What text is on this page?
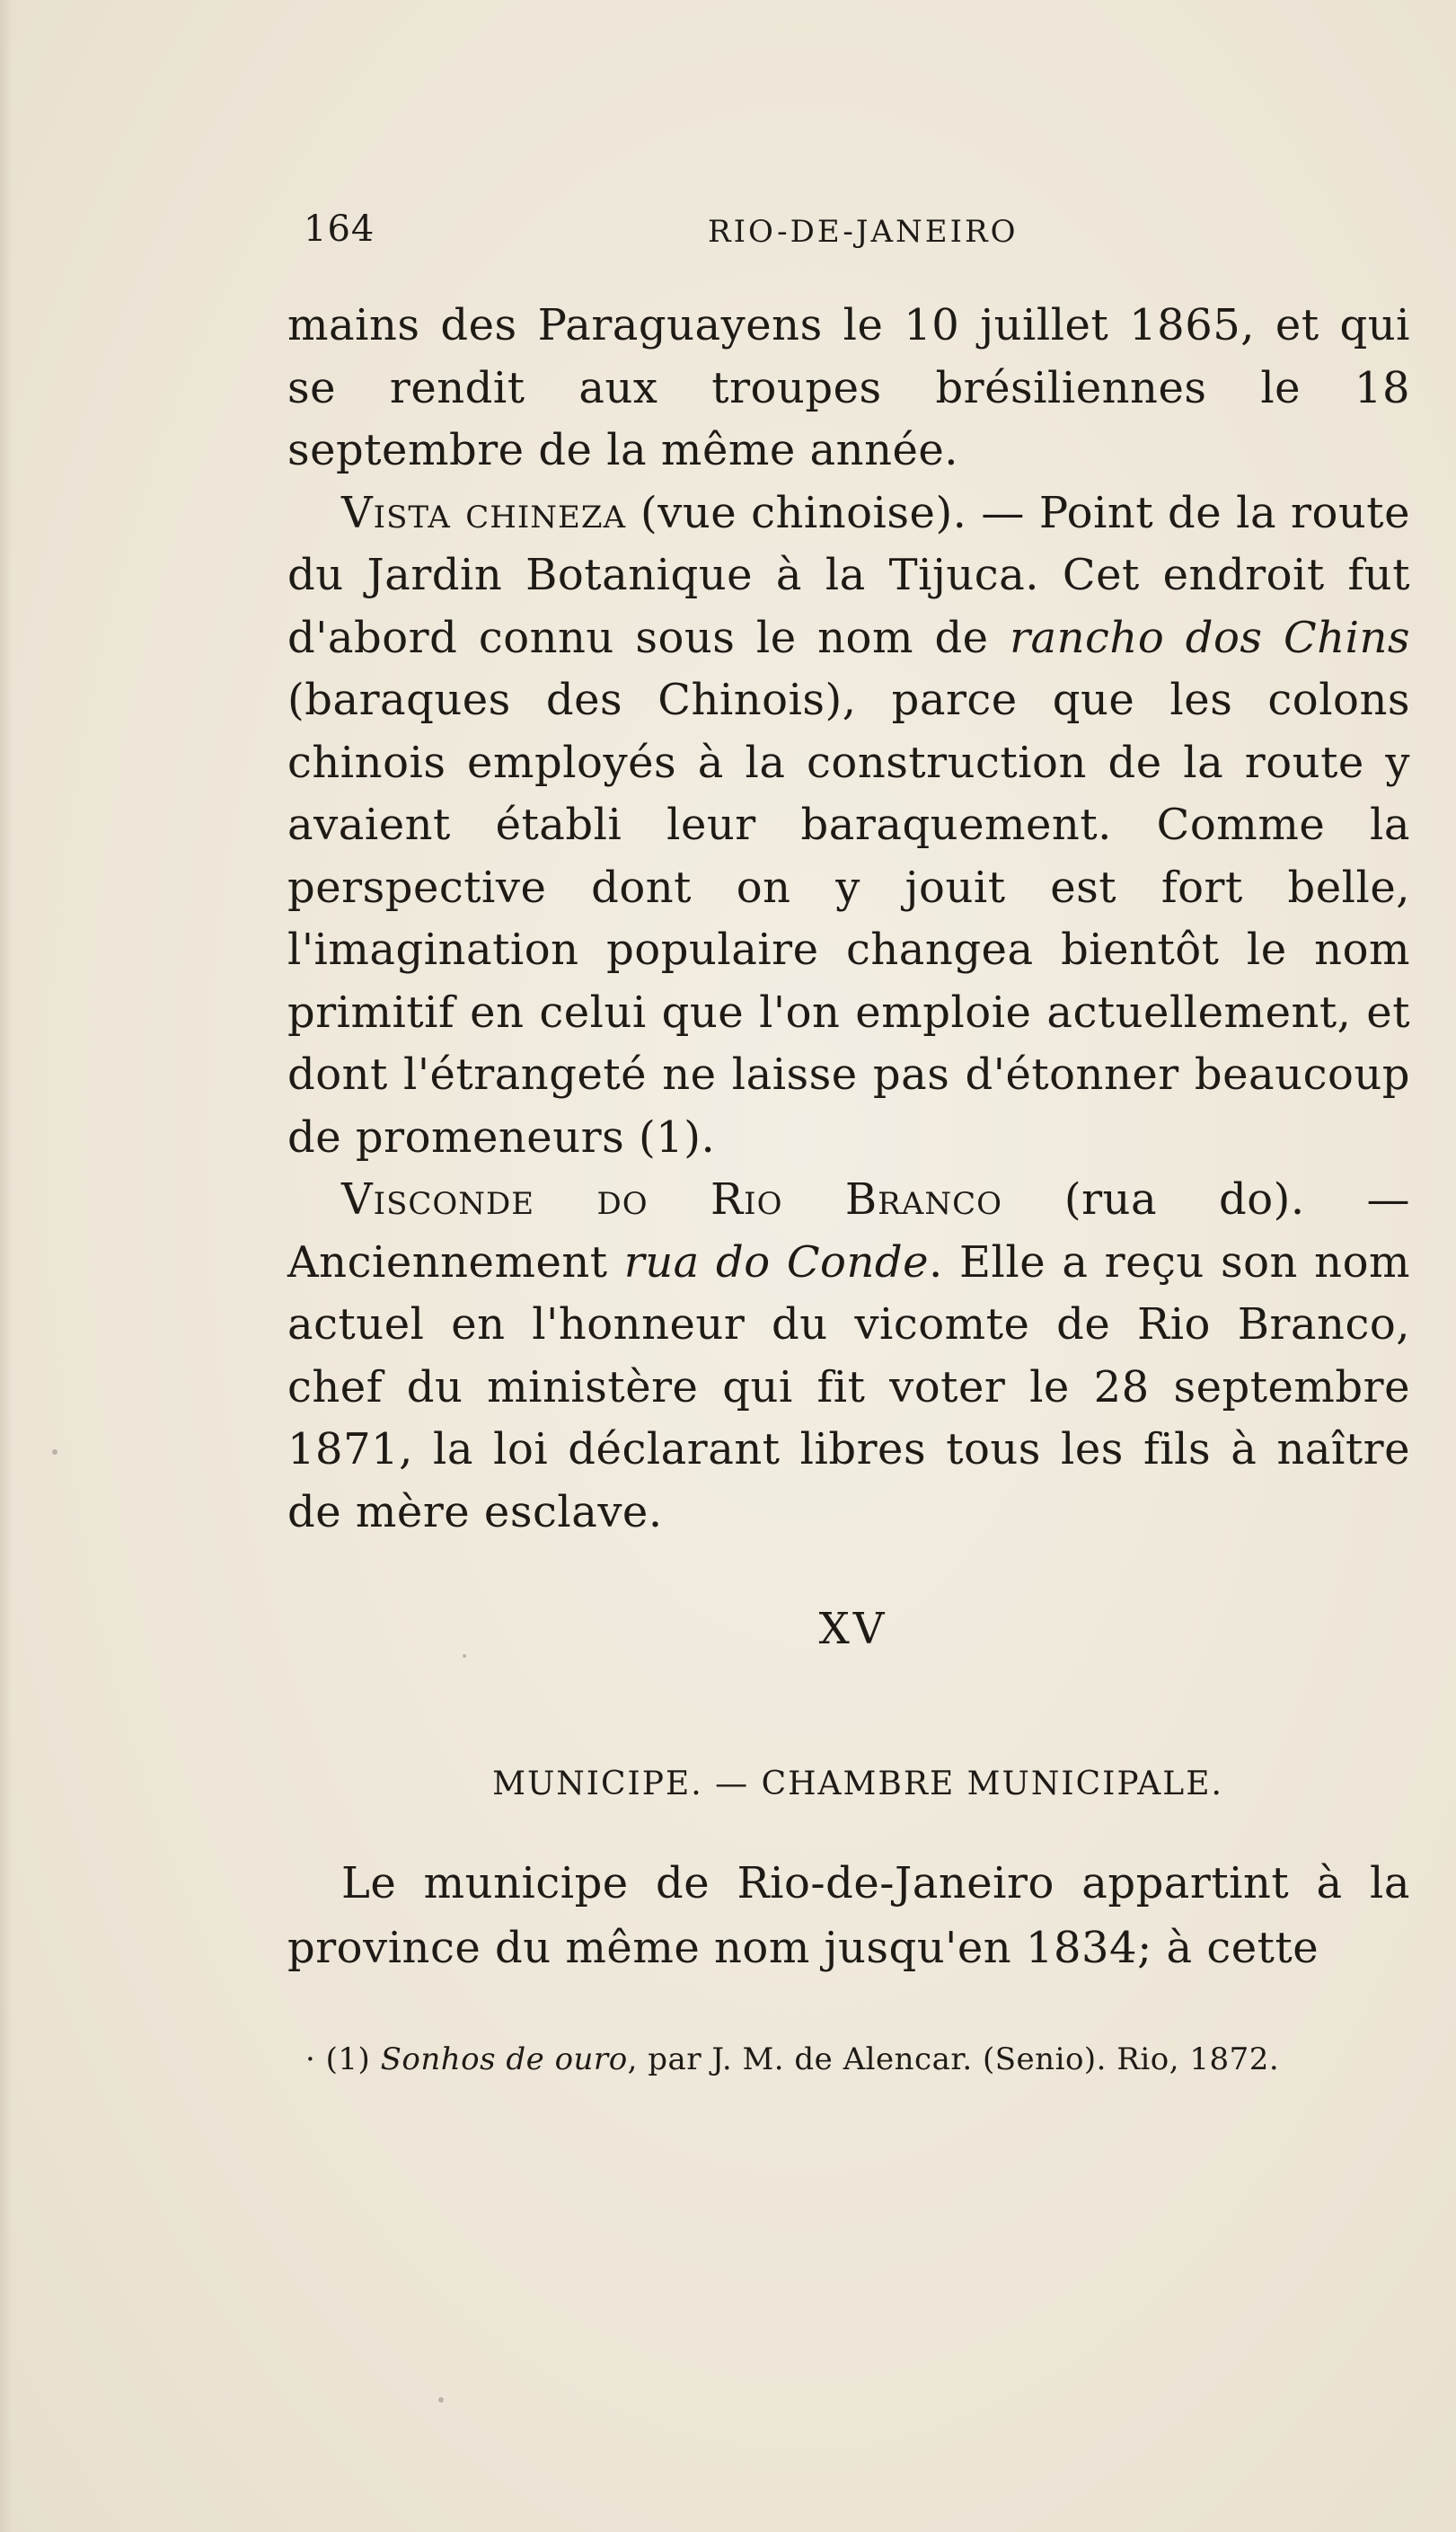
164	RIO-DE-JANEIRO

mains des Paraguayens le 10 juillet 1865, et qui se rendit aux troupes brésiliennes le 18 septembre de la même année.

Vista chineza (vue chinoise). — Point de la route du Jardin Botanique à la Tijuca. Cet endroit fut d'abord connu sous le nom de rancho dos Chins (baraques des Chinois), parce que les colons chinois employés à la construction de la route y avaient établi leur baraquement. Comme la perspective dont on y jouit est fort belle, l'imagination populaire changea bientôt le nom primitif en celui que l'on emploie actuellement, et dont l'étrangeté ne laisse pas d'étonner beaucoup de promeneurs (1).

Visconde do Rio Branco (rua do). —Anciennement rua do Conde. Elle a reçu son nom actuel en l'honneur du vicomte de Rio Branco, chef du ministère qui fit voter le 28 septembre 1871, la loi déclarant libres tous les fils à naître de mère esclave.

XV
MUNICIPE. — CHAMBRE MUNICIPALE.

Le municipe de Rio-de-Janeiro appartint à la province du même nom jusqu'en 1834; à cette

· (1) Sonhos de ouro, par J. M. de Alencar. (Senio). Rio, 1872.
